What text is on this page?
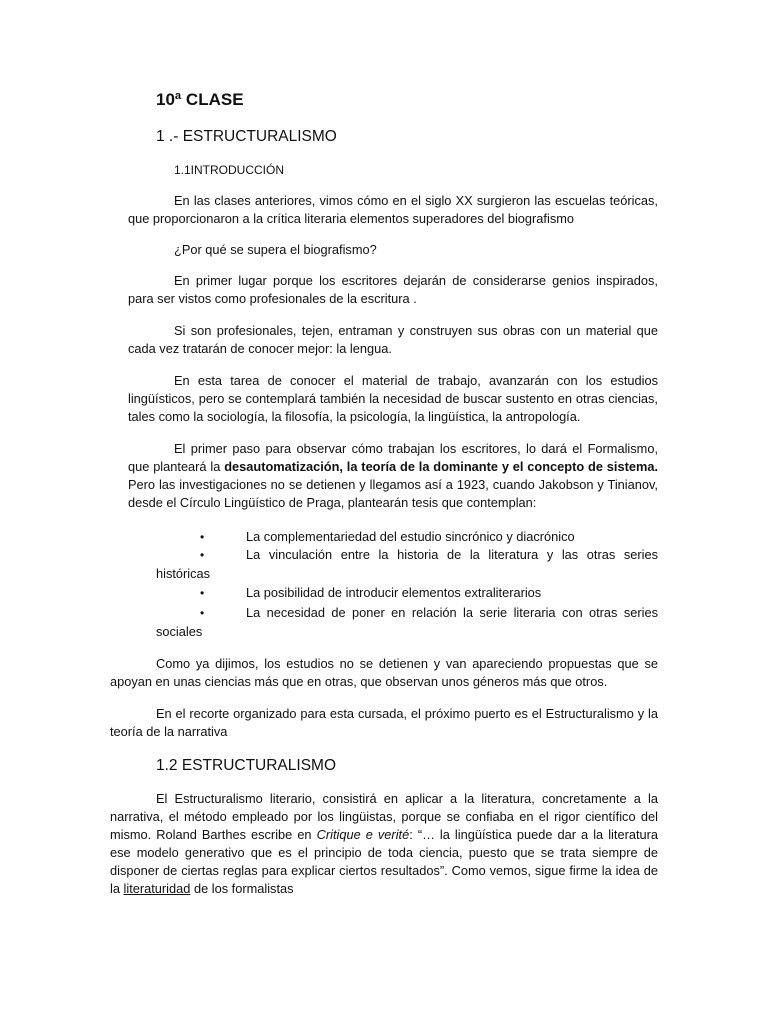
10ª CLASE
1 .- ESTRUCTURALISMO
1.1INTRODUCCIÓN

En las clases anteriores, vimos cómo en el siglo XX surgieron las escuelas teóricas, que proporcionaron a la crítica literaria elementos superadores del biografismo

¿Por qué se supera el biografismo?

En primer lugar porque los escritores dejarán de considerarse genios inspirados, para ser vistos como profesionales de la escritura .

Si son profesionales, tejen, entraman y construyen sus obras con un material que cada vez tratarán de conocer mejor: la lengua.

En esta tarea de conocer el material de trabajo, avanzarán con los estudios lingüísticos, pero se contemplará también la necesidad de buscar sustento en otras ciencias, tales como la sociología, la filosofía, la psicología, la lingüística, la antropología.

El primer paso para observar cómo trabajan los escritores, lo dará el Formalismo, que planteará la desautomatización, la teoría de la dominante y el concepto de sistema. Pero las investigaciones no se detienen y llegamos así a 1923, cuando Jakobson y Tinianov, desde el Círculo Lingüístico de Praga, plantearán tesis que contemplan:

•	La complementariedad del estudio sincrónico y diacrónico
•	La vinculación entre la historia de la literatura y las otras series
históricas
•	La posibilidad de introducir elementos extraliterarios
•	La necesidad de poner en relación la serie literaria con otras series
sociales

Como ya dijimos, los estudios no se detienen y van apareciendo propuestas que se apoyan en unas ciencias más que en otras, que observan unos géneros más que otros.

En el recorte organizado para esta cursada, el próximo puerto es el Estructuralismo y la teoría de la narrativa

1.2 ESTRUCTURALISMO

El Estructuralismo literario, consistirá en aplicar a la literatura, concretamente a la narrativa, el método empleado por los lingüistas, porque se confiaba en el rigor científico del mismo. Roland Barthes escribe en Critique e verité: “… la lingüística puede dar a la literatura ese modelo generativo que es el principio de toda ciencia, puesto que se trata siempre de disponer de ciertas reglas para explicar ciertos resultados”. Como vemos, sigue firme la idea de la literaturidad de los formalistas
